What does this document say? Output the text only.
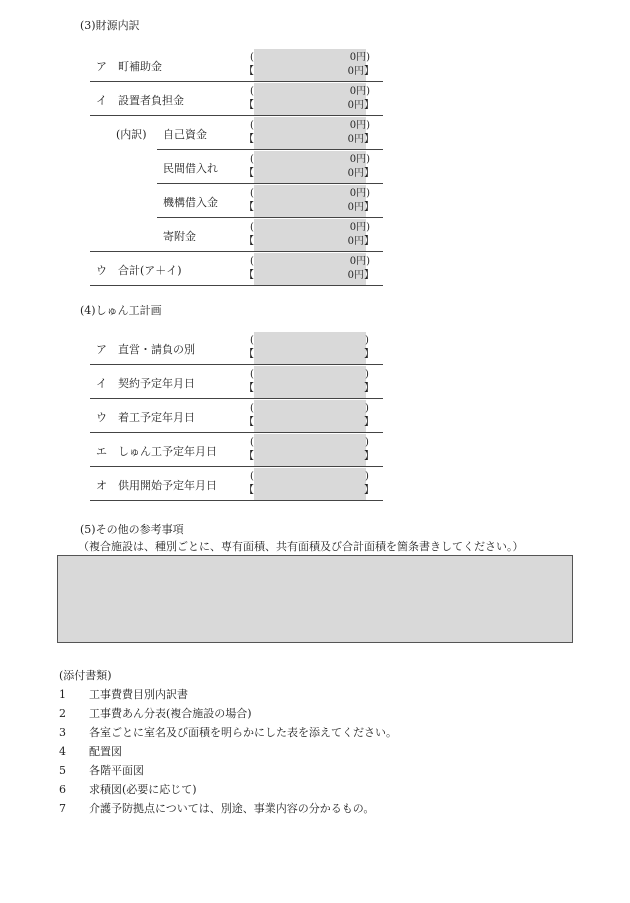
(3)財源内訳
ア　町補助金
(	0円)
【	0円】
イ　設置者負担金
(	0円)
【	0円】
(内訳) 自己資金
(	0円)
【	0円】
民間借入れ
(	0円)
【	0円】
機構借入金
(	0円)
【	0円】
寄附金
(	0円)
【	0円】
ウ　合計(ア＋イ)
(	0円)
【	0円】
(4)しゅん工計画
ア　直営・請負の別
(	)
【	】
イ　契約予定年月日
(	)
【	】
ウ　着工予定年月日
(	)
【	】
エ　しゅん工予定年月日
(	)
【	】
オ　供用開始予定年月日
(	)
【	】
(5)その他の参考事項
（複合施設は、種別ごとに、専有面積、共有面積及び合計面積を箇条書きしてください。）
(添付書類)
1 工事費費目別内訳書
2 工事費あん分表(複合施設の場合)
3 各室ごとに室名及び面積を明らかにした表を添えてください。
4 配置図
5 各階平面図
6 求積図(必要に応じて)
7 介護予防拠点については、別途、事業内容の分かるもの。
